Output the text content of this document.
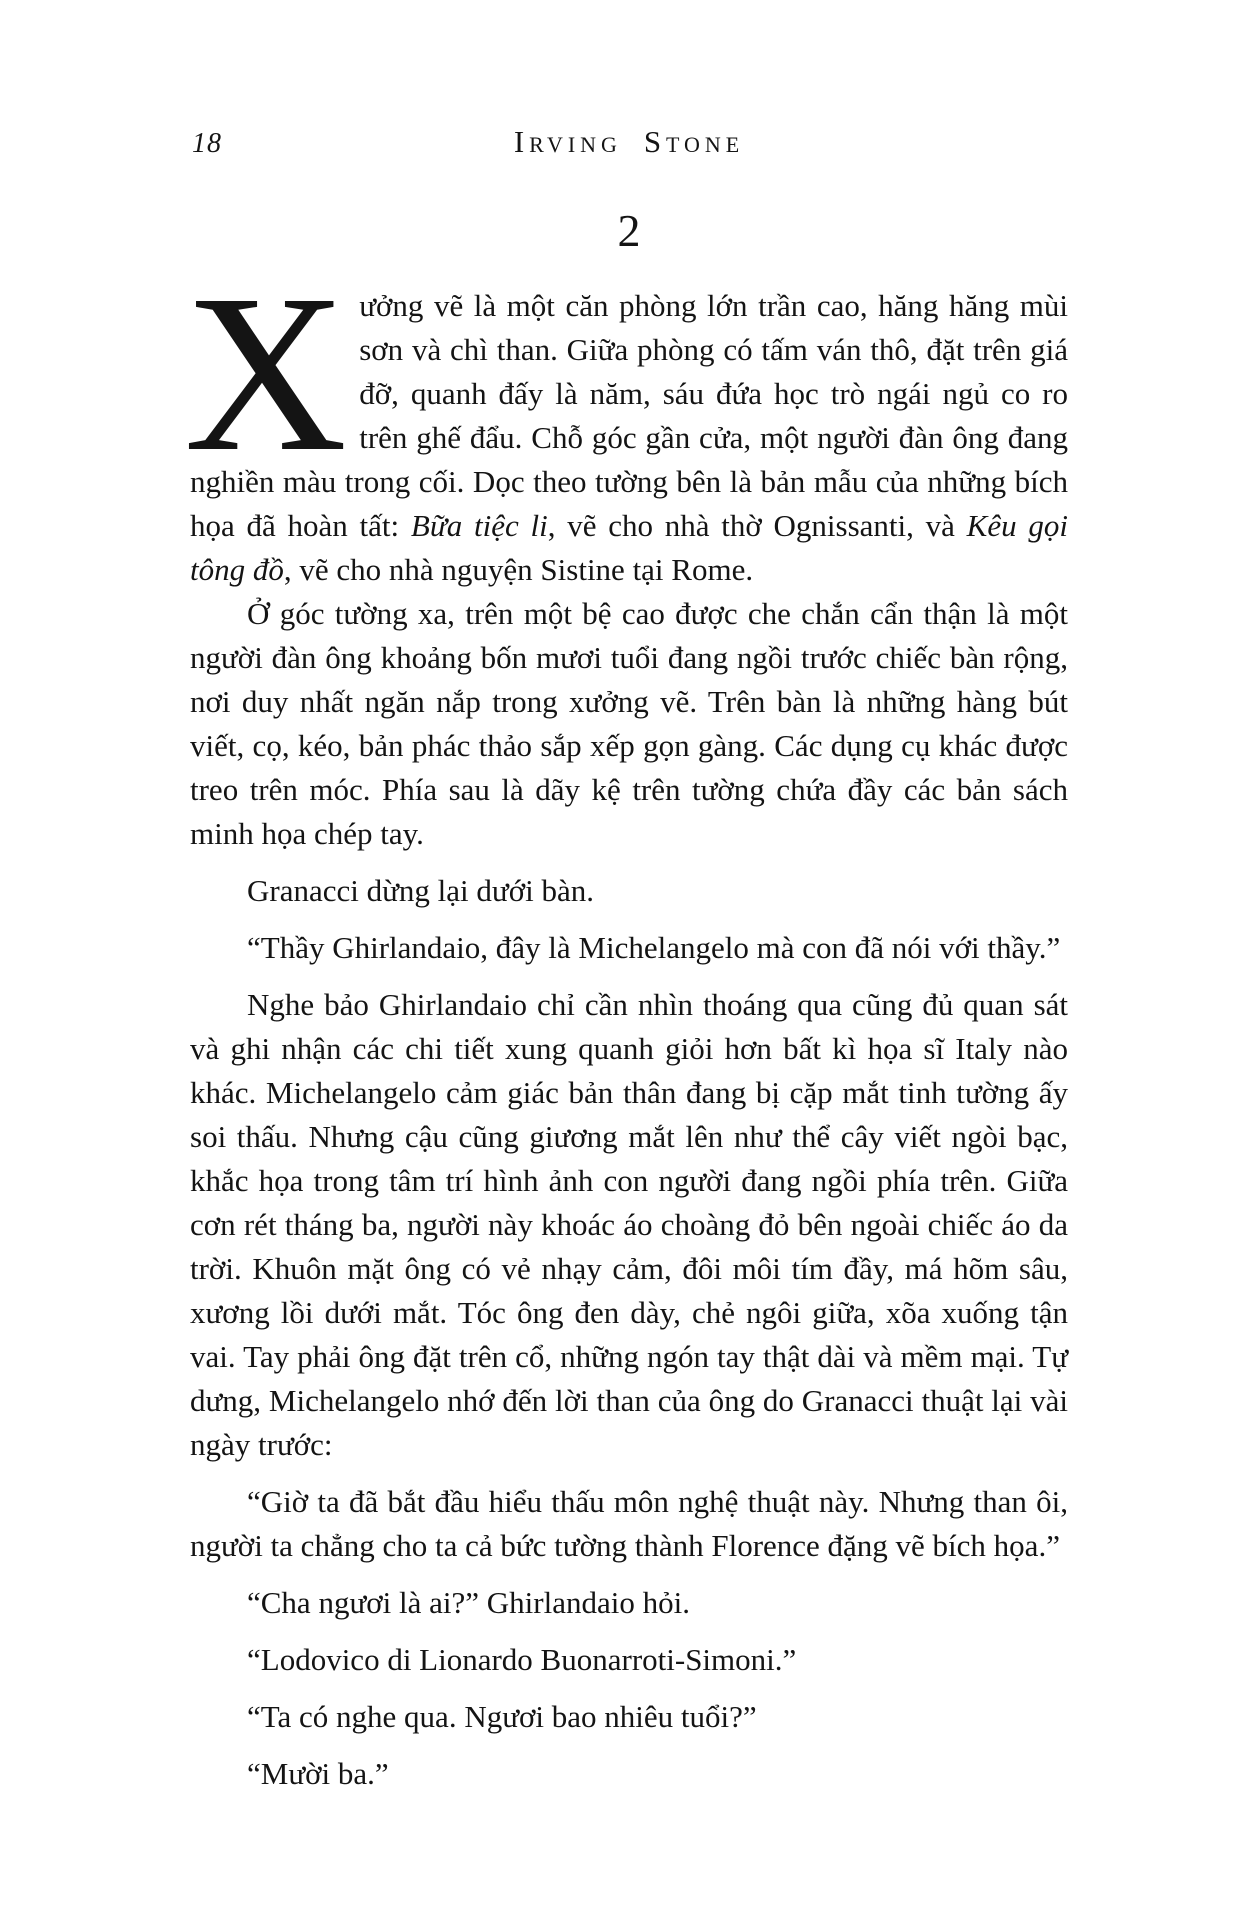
18	Irving Stone
2

Xưởng vẽ là một căn phòng lớn trần cao, hăng hăng mùi sơn và chì than. Giữa phòng có tấm ván thô, đặt trên giá đỡ, quanh đấy là năm, sáu đứa học trò ngái ngủ co ro trên ghế đẩu. Chỗ góc gần cửa, một người đàn ông đang nghiền màu trong cối. Dọc theo tường bên là bản mẫu của những bích họa đã hoàn tất: Bữa tiệc li, vẽ cho nhà thờ Ognissanti, và Kêu gọi tông đồ, vẽ cho nhà nguyện Sistine tại Rome.

Ở góc tường xa, trên một bệ cao được che chắn cẩn thận là một người đàn ông khoảng bốn mươi tuổi đang ngồi trước chiếc bàn rộng, nơi duy nhất ngăn nắp trong xưởng vẽ. Trên bàn là những hàng bút viết, cọ, kéo, bản phác thảo sắp xếp gọn gàng. Các dụng cụ khác được treo trên móc. Phía sau là dãy kệ trên tường chứa đầy các bản sách minh họa chép tay.

Granacci dừng lại dưới bàn.

“Thầy Ghirlandaio, đây là Michelangelo mà con đã nói với thầy.”

Nghe bảo Ghirlandaio chỉ cần nhìn thoáng qua cũng đủ quan sát và ghi nhận các chi tiết xung quanh giỏi hơn bất kì họa sĩ Italy nào khác. Michelangelo cảm giác bản thân đang bị cặp mắt tinh tường ấy soi thấu. Nhưng cậu cũng giương mắt lên như thể cây viết ngòi bạc, khắc họa trong tâm trí hình ảnh con người đang ngồi phía trên. Giữa cơn rét tháng ba, người này khoác áo choàng đỏ bên ngoài chiếc áo da trời. Khuôn mặt ông có vẻ nhạy cảm, đôi môi tím đầy, má hõm sâu, xương lồi dưới mắt. Tóc ông đen dày, chẻ ngôi giữa, xõa xuống tận vai. Tay phải ông đặt trên cổ, những ngón tay thật dài và mềm mại. Tự dưng, Michelangelo nhớ đến lời than của ông do Granacci thuật lại vài ngày trước:

“Giờ ta đã bắt đầu hiểu thấu môn nghệ thuật này. Nhưng than ôi, người ta chẳng cho ta cả bức tường thành Florence đặng vẽ bích họa.”

“Cha ngươi là ai?” Ghirlandaio hỏi.

“Lodovico di Lionardo Buonarroti-Simoni.”

“Ta có nghe qua. Ngươi bao nhiêu tuổi?”

“Mười ba.”
